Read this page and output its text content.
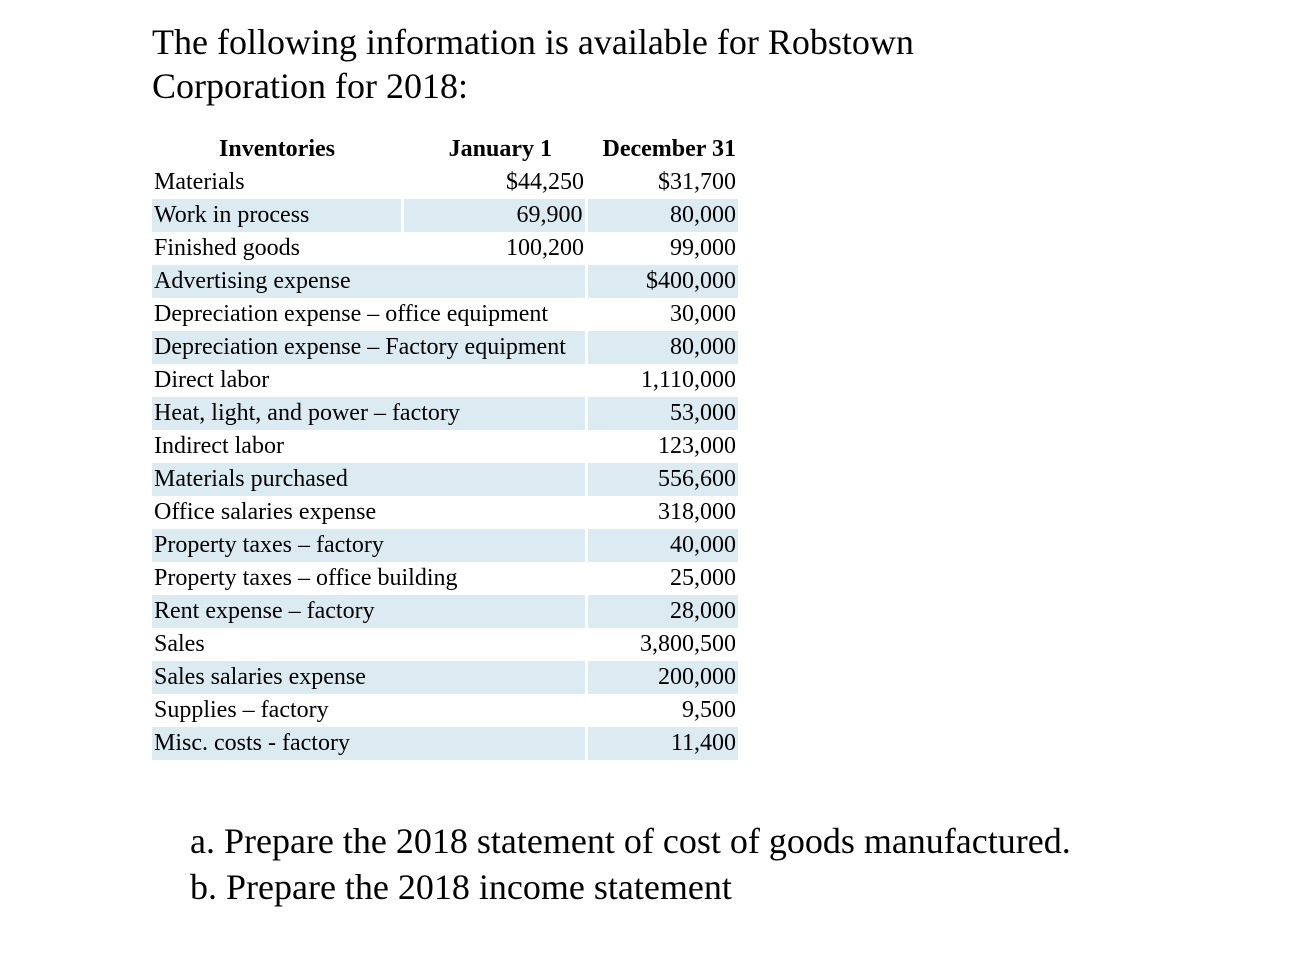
The following information is available for Robstown
Corporation for 2018:
Inventories	January 1	December 31
Materials	$44,250	$31,700
Work in process	69,900	80,000
Finished goods	100,200	99,000
Advertising expense		$400,000
Depreciation expense – office equipment		30,000
Depreciation expense – Factory equipment		80,000
Direct labor		1,110,000
Heat, light, and power – factory		53,000
Indirect labor		123,000
Materials purchased		556,600
Office salaries expense		318,000
Property taxes – factory		40,000
Property taxes – office building		25,000
Rent expense – factory		28,000
Sales		3,800,500
Sales salaries expense		200,000
Supplies – factory		9,500
Misc. costs - factory		11,400
a. Prepare the 2018 statement of cost of goods manufactured.
b. Prepare the 2018 income statement
